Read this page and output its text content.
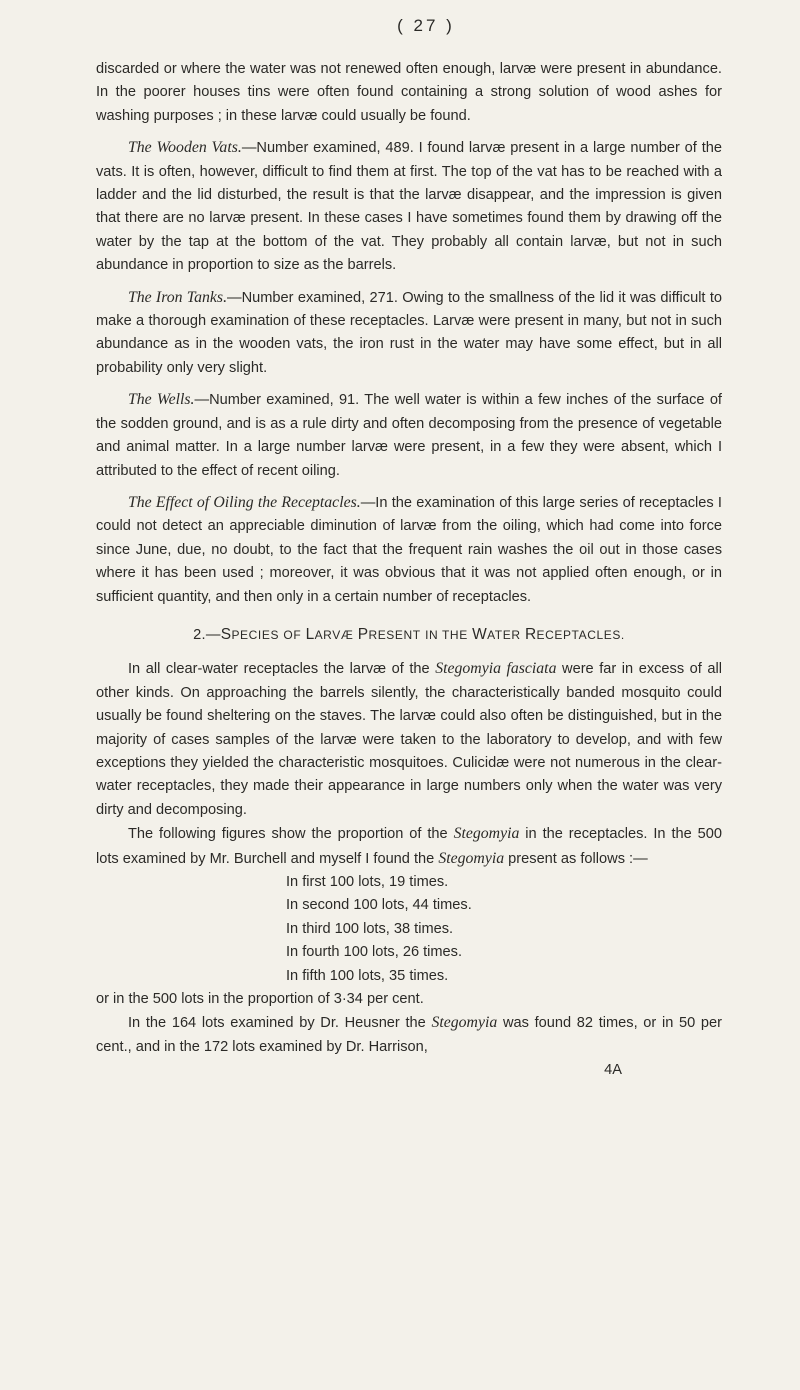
( 27 )

discarded or where the water was not renewed often enough, larvæ were present in abundance. In the poorer houses tins were often found containing a strong solution of wood ashes for washing purposes ; in these larvæ could usually be found.

The Wooden Vats.—Number examined, 489. I found larvæ present in a large number of the vats. It is often, however, difficult to find them at first. The top of the vat has to be reached with a ladder and the lid disturbed, the result is that the larvæ disappear, and the impression is given that there are no larvæ present. In these cases I have sometimes found them by drawing off the water by the tap at the bottom of the vat. They probably all contain larvæ, but not in such abundance in proportion to size as the barrels.

The Iron Tanks.—Number examined, 271. Owing to the smallness of the lid it was difficult to make a thorough examination of these receptacles. Larvæ were present in many, but not in such abundance as in the wooden vats, the iron rust in the water may have some effect, but in all probability only very slight.

The Wells.—Number examined, 91. The well water is within a few inches of the surface of the sodden ground, and is as a rule dirty and often decomposing from the presence of vegetable and animal matter. In a large number larvæ were present, in a few they were absent, which I attributed to the effect of recent oiling.

The Effect of Oiling the Receptacles.—In the examination of this large series of receptacles I could not detect an appreciable diminution of larvæ from the oiling, which had come into force since June, due, no doubt, to the fact that the frequent rain washes the oil out in those cases where it has been used ; moreover, it was obvious that it was not applied often enough, or in sufficient quantity, and then only in a certain number of receptacles.

2.—SPECIES OF LARVÆ PRESENT IN THE WATER RECEPTACLES.

In all clear-water receptacles the larvæ of the Stegomyia fasciata were far in excess of all other kinds. On approaching the barrels silently, the characteristically banded mosquito could usually be found sheltering on the staves. The larvæ could also often be distinguished, but in the majority of cases samples of the larvæ were taken to the laboratory to develop, and with few exceptions they yielded the characteristic mosquitoes. Culicidæ were not numerous in the clear-water receptacles, they made their appearance in large numbers only when the water was very dirty and decomposing.

The following figures show the proportion of the Stegomyia in the receptacles. In the 500 lots examined by Mr. Burchell and myself I found the Stegomyia present as follows :—

In first 100 lots, 19 times.
In second 100 lots, 44 times.
In third 100 lots, 38 times.
In fourth 100 lots, 26 times.
In fifth 100 lots, 35 times.

or in the 500 lots in the proportion of 3·34 per cent.

In the 164 lots examined by Dr. Heusner the Stegomyia was found 82 times, or in 50 per cent., and in the 172 lots examined by Dr. Harrison,

4A
